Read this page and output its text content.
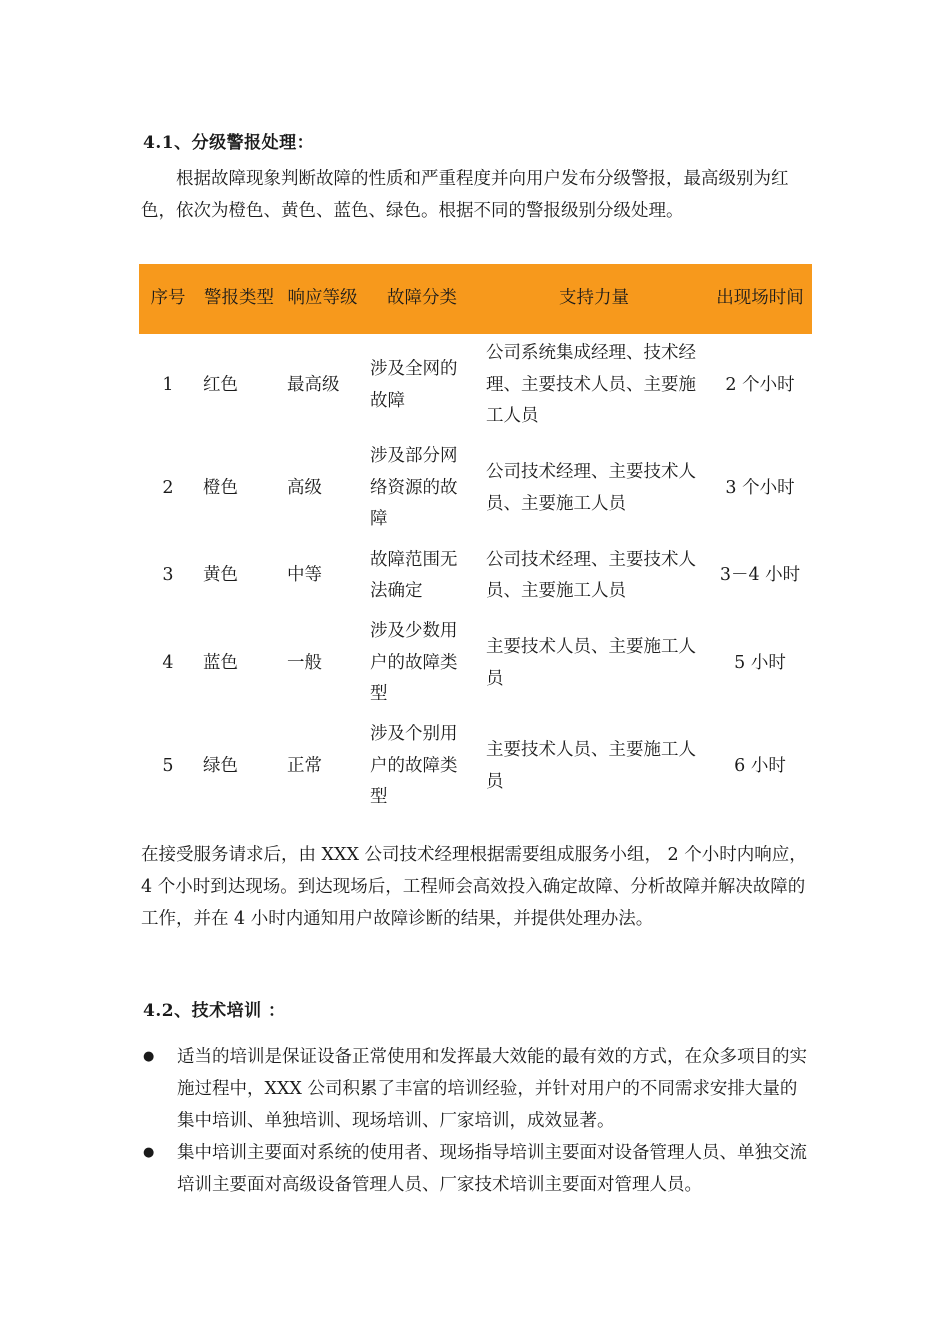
4.1、分级警报处理：

根据故障现象判断故障的性质和严重程度并向用户发布分级警报，最高级别为红色，依次为橙色、黄色、蓝色、绿色。根据不同的警报级别分级处理。

序号	警报类型	响应等级	故障分类	支持力量	出现场时间
1	红色	最高级	涉及全网的故障	公司系统集成经理、技术经理、主要技术人员、主要施工人员	2 个小时
2	橙色	高级	涉及部分网络资源的故障	公司技术经理、主要技术人员、主要施工人员	3 个小时
3	黄色	中等	故障范围无法确定	公司技术经理、主要技术人员、主要施工人员	3－4 小时
4	蓝色	一般	涉及少数用户的故障类型	主要技术人员、主要施工人员	5 小时
5	绿色	正常	涉及个别用户的故障类型	主要技术人员、主要施工人员	6 小时

在接受服务请求后，由 XXX 公司技术经理根据需要组成服务小组， 2 个小时内响应，4 个小时到达现场。到达现场后，工程师会高效投入确定故障、分析故障并解决故障的工作，并在 4 小时内通知用户故障诊断的结果，并提供处理办法。

4.2、技术培训 ：
●	适当的培训是保证设备正常使用和发挥最大效能的最有效的方式，在众多项目的实施过程中，XXX 公司积累了丰富的培训经验，并针对用户的不同需求安排大量的集中培训、单独培训、现场培训、厂家培训，成效显著。
●	集中培训主要面对系统的使用者、现场指导培训主要面对设备管理人员、单独交流培训主要面对高级设备管理人员、厂家技术培训主要面对管理人员。
